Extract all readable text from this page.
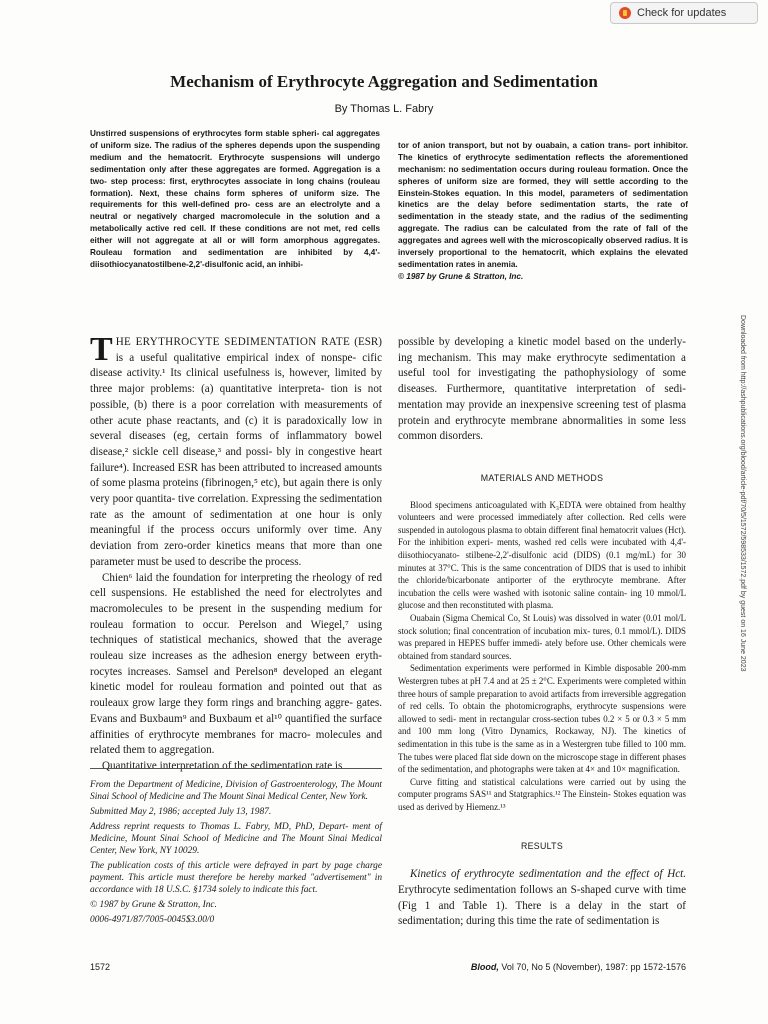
Check for updates
Mechanism of Erythrocyte Aggregation and Sedimentation
By Thomas L. Fabry
Unstirred suspensions of erythrocytes form stable spheri- cal aggregates of uniform size. The radius of the spheres depends upon the suspending medium and the hematocrit. Erythrocyte suspensions will undergo sedimentation only after these aggregates are formed. Aggregation is a two- step process: first, erythrocytes associate in long chains (rouleau formation). Next, these chains form spheres of uniform size. The requirements for this well-defined pro- cess are an electrolyte and a neutral or negatively charged macromolecule in the solution and a metabolically active red cell. If these conditions are not met, red cells either will not aggregate at all or will form amorphous aggregates. Rouleau formation and sedimentation are inhibited by 4,4'-diisothiocyanatostilbene-2,2'-disulfonic acid, an inhibi-

tor of anion transport, but not by ouabain, a cation trans- port inhibitor. The kinetics of erythrocyte sedimentation reflects the aforementioned mechanism: no sedimentation occurs during rouleau formation. Once the spheres of uniform size are formed, they will settle according to the Einstein-Stokes equation. In this model, parameters of sedimentation kinetics are the delay before sedimentation starts, the rate of sedimentation in the steady state, and the radius of the sedimenting aggregate. The radius can be calculated from the rate of fall of the aggregates and agrees well with the microscopically observed radius. It is inversely proportional to the hematocrit, which explains the elevated sedimentation rates in anemia.

© 1987 by Grune & Stratton, Inc.

THE ERYTHROCYTE SEDIMENTATION RATE (ESR) is a useful qualitative empirical index of nonspe- cific disease activity.¹ Its clinical usefulness is, however, limited by three major problems: (a) quantitative interpreta- tion is not possible, (b) there is a poor correlation with measurements of other acute phase reactants, and (c) it is paradoxically low in several diseases (eg, certain forms of inflammatory bowel disease,² sickle cell disease,³ and possi- bly in congestive heart failure⁴). Increased ESR has been attributed to increased amounts of some plasma proteins (fibrinogen,⁵ etc), but again there is only very poor quantita- tive correlation. Expressing the sedimentation rate as the amount of sedimentation at one hour is only meaningful if the process occurs uniformly over time. Any deviation from zero-order kinetics means that more than one parameter must be used to describe the process.

Chien⁶ laid the foundation for interpreting the rheology of red cell suspensions. He established the need for electrolytes and macromolecules to be present in the suspending medium for rouleau formation to occur. Perelson and Wiegel,⁷ using techniques of statistical mechanics, showed that the average rouleau size increases as the adhesion energy between eryth- rocytes increases. Samsel and Perelson⁸ developed an elegant kinetic model for rouleau formation and pointed out that as rouleaux grow large they form rings and branching aggre- gates. Evans and Buxbaum⁹ and Buxbaum et al¹⁰ quantified the surface affinities of erythrocyte membranes for macro- molecules and related them to aggregation.

Quantitative interpretation of the sedimentation rate is

From the Department of Medicine, Division of Gastroenterology, The Mount Sinai School of Medicine and The Mount Sinai Medical Center, New York.

Submitted May 2, 1986; accepted July 13, 1987.

Address reprint requests to Thomas L. Fabry, MD, PhD, Depart- ment of Medicine, Mount Sinai School of Medicine and The Mount Sinai Medical Center, New York, NY 10029.

The publication costs of this article were defrayed in part by page charge payment. This article must therefore be hereby marked "advertisement" in accordance with 18 U.S.C. §1734 solely to indicate this fact.

© 1987 by Grune & Stratton, Inc.

0006-4971/87/7005-0045$3.00/0

possible by developing a kinetic model based on the underly- ing mechanism. This may make erythrocyte sedimentation a useful tool for investigating the pathophysiology of some diseases. Furthermore, quantitative interpretation of sedi- mentation may provide an inexpensive screening test of plasma protein and erythrocyte membrane abnormalities in some less common disorders.

MATERIALS AND METHODS

Blood specimens anticoagulated with K₃EDTA were obtained from healthy volunteers and were processed immediately after collection. Red cells were suspended in autologous plasma to obtain different final hematocrit values (Hct). For the inhibition experi- ments, washed red cells were incubated with 4,4'-diisothiocyanato- stilbene-2,2'-disulfonic acid (DIDS) (0.1 mg/mL) for 30 minutes at 37°C. This is the same concentration of DIDS that is used to inhibit the chloride/bicarbonate antiporter of the erythrocyte membrane. After incubation the cells were washed with isotonic saline contain- ing 10 mmol/L glucose and then reconstituted with plasma.

Ouabain (Sigma Chemical Co, St Louis) was dissolved in water (0.01 mol/L stock solution; final concentration of incubation mix- tures, 0.1 mmol/L). DIDS was prepared in HEPES buffer immedi- ately before use. Other chemicals were obtained from standard sources.

Sedimentation experiments were performed in Kimble disposable 200-mm Westergren tubes at pH 7.4 and at 25 ± 2°C. Experiments were completed within three hours of sample preparation to avoid artifacts from irreversible aggregation of red cells. To obtain the photomicrographs, erythrocyte suspensions were allowed to sedi- ment in rectangular cross-section tubes 0.2 × 5 or 0.3 × 5 mm and 100 mm long (Vitro Dynamics, Rockaway, NJ). The kinetics of sedimentation in this tube is the same as in a Westergren tube filled to 100 mm. The tubes were placed flat side down on the microscope stage in different phases of the sedimentation, and photographs were taken at 4× and 10× magnification.

Curve fitting and statistical calculations were carried out by using the computer programs SAS¹¹ and Statgraphics.¹² The Einstein- Stokes equation was used as derived by Hiemenz.¹³

RESULTS

Kinetics of erythrocyte sedimentation and the effect of Hct. Erythrocyte sedimentation follows an S-shaped curve with time (Fig 1 and Table 1). There is a delay in the start of sedimentation; during this time the rate of sedimentation is

Downloaded from http://ashpublications.org/blood/article-pdf/70/5/1572/598533/1572.pdf by guest on 16 June 2023
1572	Blood, Vol 70, No 5 (November), 1987: pp 1572-1576
